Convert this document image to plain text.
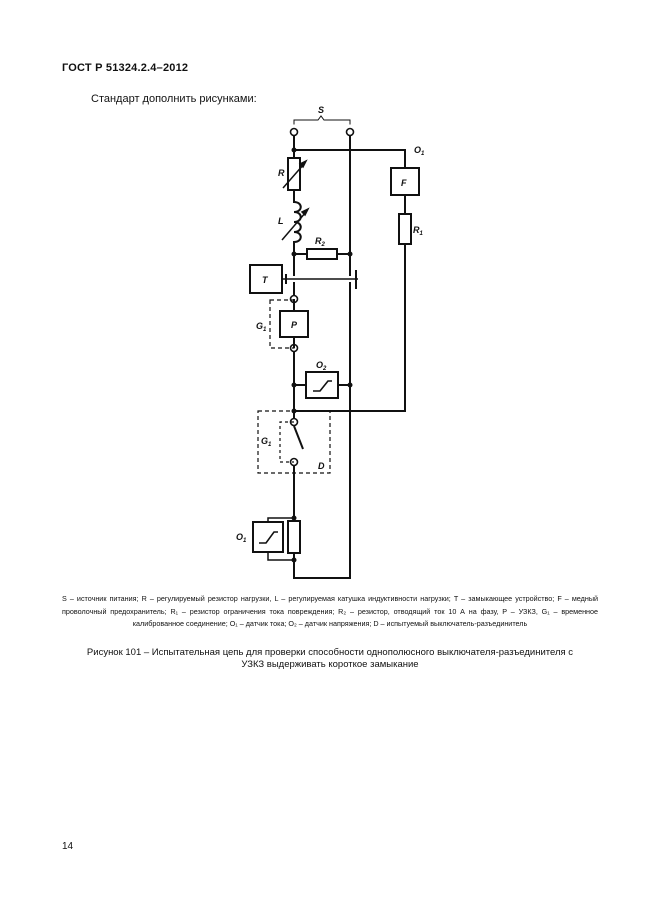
ГОСТ Р 51324.2.4–2012
Стандарт дополнить рисунками:
S
$O_1$
F
R
L
$R_1$
$R_2$
T
$G_1$	P
$O_2$
$G_1$
D
$O_1$

S – источник питания; R – регулируемый резистор нагрузки, L – регулируемая катушка индуктивности нагрузки; T – замыкающее устройство; F – медный проволочный предохранитель; R₁ – резистор ограничения тока повреждения; R₂ – резистор, отводящий ток 10 А на фазу, P – УЗКЗ, G₁ – временное калиброванное соединение; O₁ – датчик тока; O₂ – датчик напряжения; D – испытуемый выключатель-разъединитель

Рисунок 101 – Испытательная цепь для проверки способности однополюсного выключателя-разъединителя с
УЗКЗ выдерживать короткое замыкание
14
